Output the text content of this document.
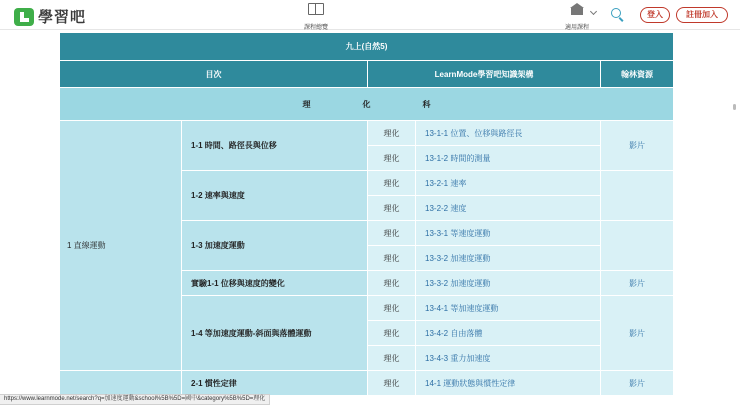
學習吧
課程總覽	適用課程
登入	註冊加入
九上(自然5)				
目次		LearnMode學習吧知識架構		翰林資源
理化科				
1 直線運動	1-1 時間、路徑長與位移	理化	13-1-1 位置、位移與路徑長	影片
		理化	13-1-2 時間的測量	
	1-2 速率與速度	理化	13-2-1 速率	
		理化	13-2-2 速度	
	1-3 加速度運動	理化	13-3-1 等速度運動	
		理化	13-3-2 加速度運動	
	實驗1-1 位移與速度的變化	理化	13-3-2 加速度運動	影片
	1-4 等加速度運動-斜面與落體運動	理化	13-4-1 等加速度運動	影片
		理化	13-4-2 自由落體	
		理化	13-4-3 重力加速度	
	2-1 慣性定律	理化	14-1 運動狀態與慣性定律	影片
https://www.learnmode.net/search?q=加速度運動&school%5B%5D=國中&category%5B%5D=理化
